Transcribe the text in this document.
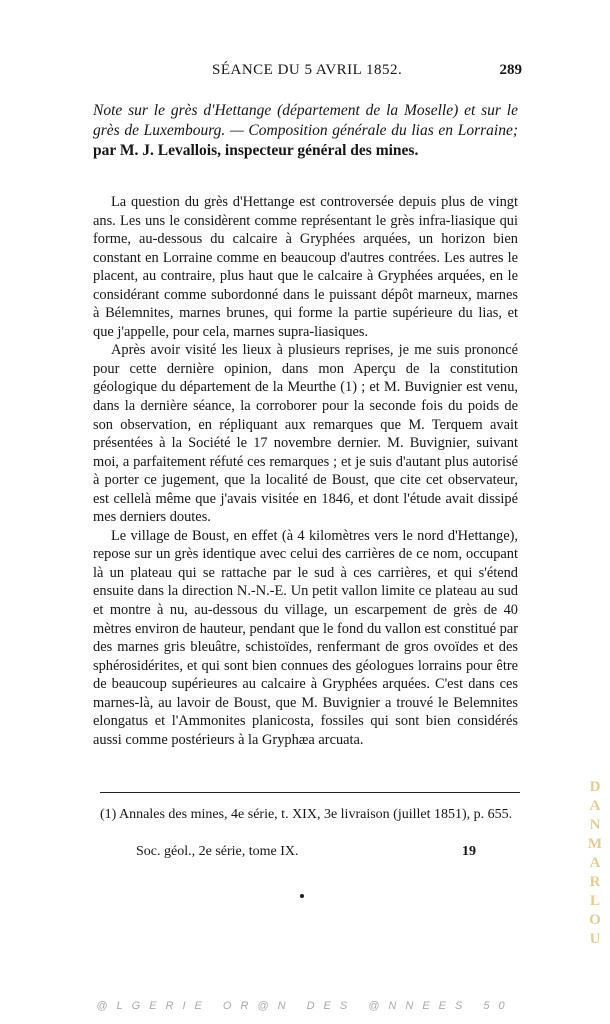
SÉANCE DU 5 AVRIL 1852.	289
Note sur le grès d'Hettange (département de la Moselle) et sur le grès de Luxembourg. — Composition générale du lias en Lorraine; par M. J. Levallois, inspecteur général des mines.

La question du grès d'Hettange est controversée depuis plus de vingt ans. Les uns le considèrent comme représentant le grès infra-liasique qui forme, au-dessous du calcaire à Gryphées arquées, un horizon bien constant en Lorraine comme en beaucoup d'autres contrées. Les autres le placent, au contraire, plus haut que le calcaire à Gryphées arquées, en le considérant comme subordonné dans le puissant dépôt marneux, marnes à Bélemnites, marnes brunes, qui forme la partie supérieure du lias, et que j'appelle, pour cela, marnes supra-liasiques.

Après avoir visité les lieux à plusieurs reprises, je me suis prononcé pour cette dernière opinion, dans mon Aperçu de la constitution géologique du département de la Meurthe (1) ; et M. Buvignier est venu, dans la dernière séance, la corroborer pour la seconde fois du poids de son observation, en répliquant aux remarques que M. Terquem avait présentées à la Société le 17 novembre dernier. M. Buvignier, suivant moi, a parfaitement réfuté ces remarques ; et je suis d'autant plus autorisé à porter ce jugement, que la localité de Boust, que cite cet observateur, est cellelà même que j'avais visitée en 1846, et dont l'étude avait dissipé mes derniers doutes.

Le village de Boust, en effet (à 4 kilomètres vers le nord d'Hettange), repose sur un grès identique avec celui des carrières de ce nom, occupant là un plateau qui se rattache par le sud à ces carrières, et qui s'étend ensuite dans la direction N.-N.-E. Un petit vallon limite ce plateau au sud et montre à nu, au-dessous du village, un escarpement de grès de 40 mètres environ de hauteur, pendant que le fond du vallon est constitué par des marnes gris bleuâtre, schistoïdes, renfermant de gros ovoïdes et des sphérosidérites, et qui sont bien connues des géologues lorrains pour être de beaucoup supérieures au calcaire à Gryphées arquées. C'est dans ces marnes-là, au lavoir de Boust, que M. Buvignier a trouvé le Belemnites elongatus et l'Ammonites planicosta, fossiles qui sont bien considérés aussi comme postérieurs à la Gryphæa arcuata.

(1) Annales des mines, 4e série, t. XIX, 3e livraison (juillet 1851), p. 655.
Soc. géol., 2e série, tome IX.	19
@LGERIE OR@N DES @NNEES 50
D
A
N
M
A
R
L
O
U
